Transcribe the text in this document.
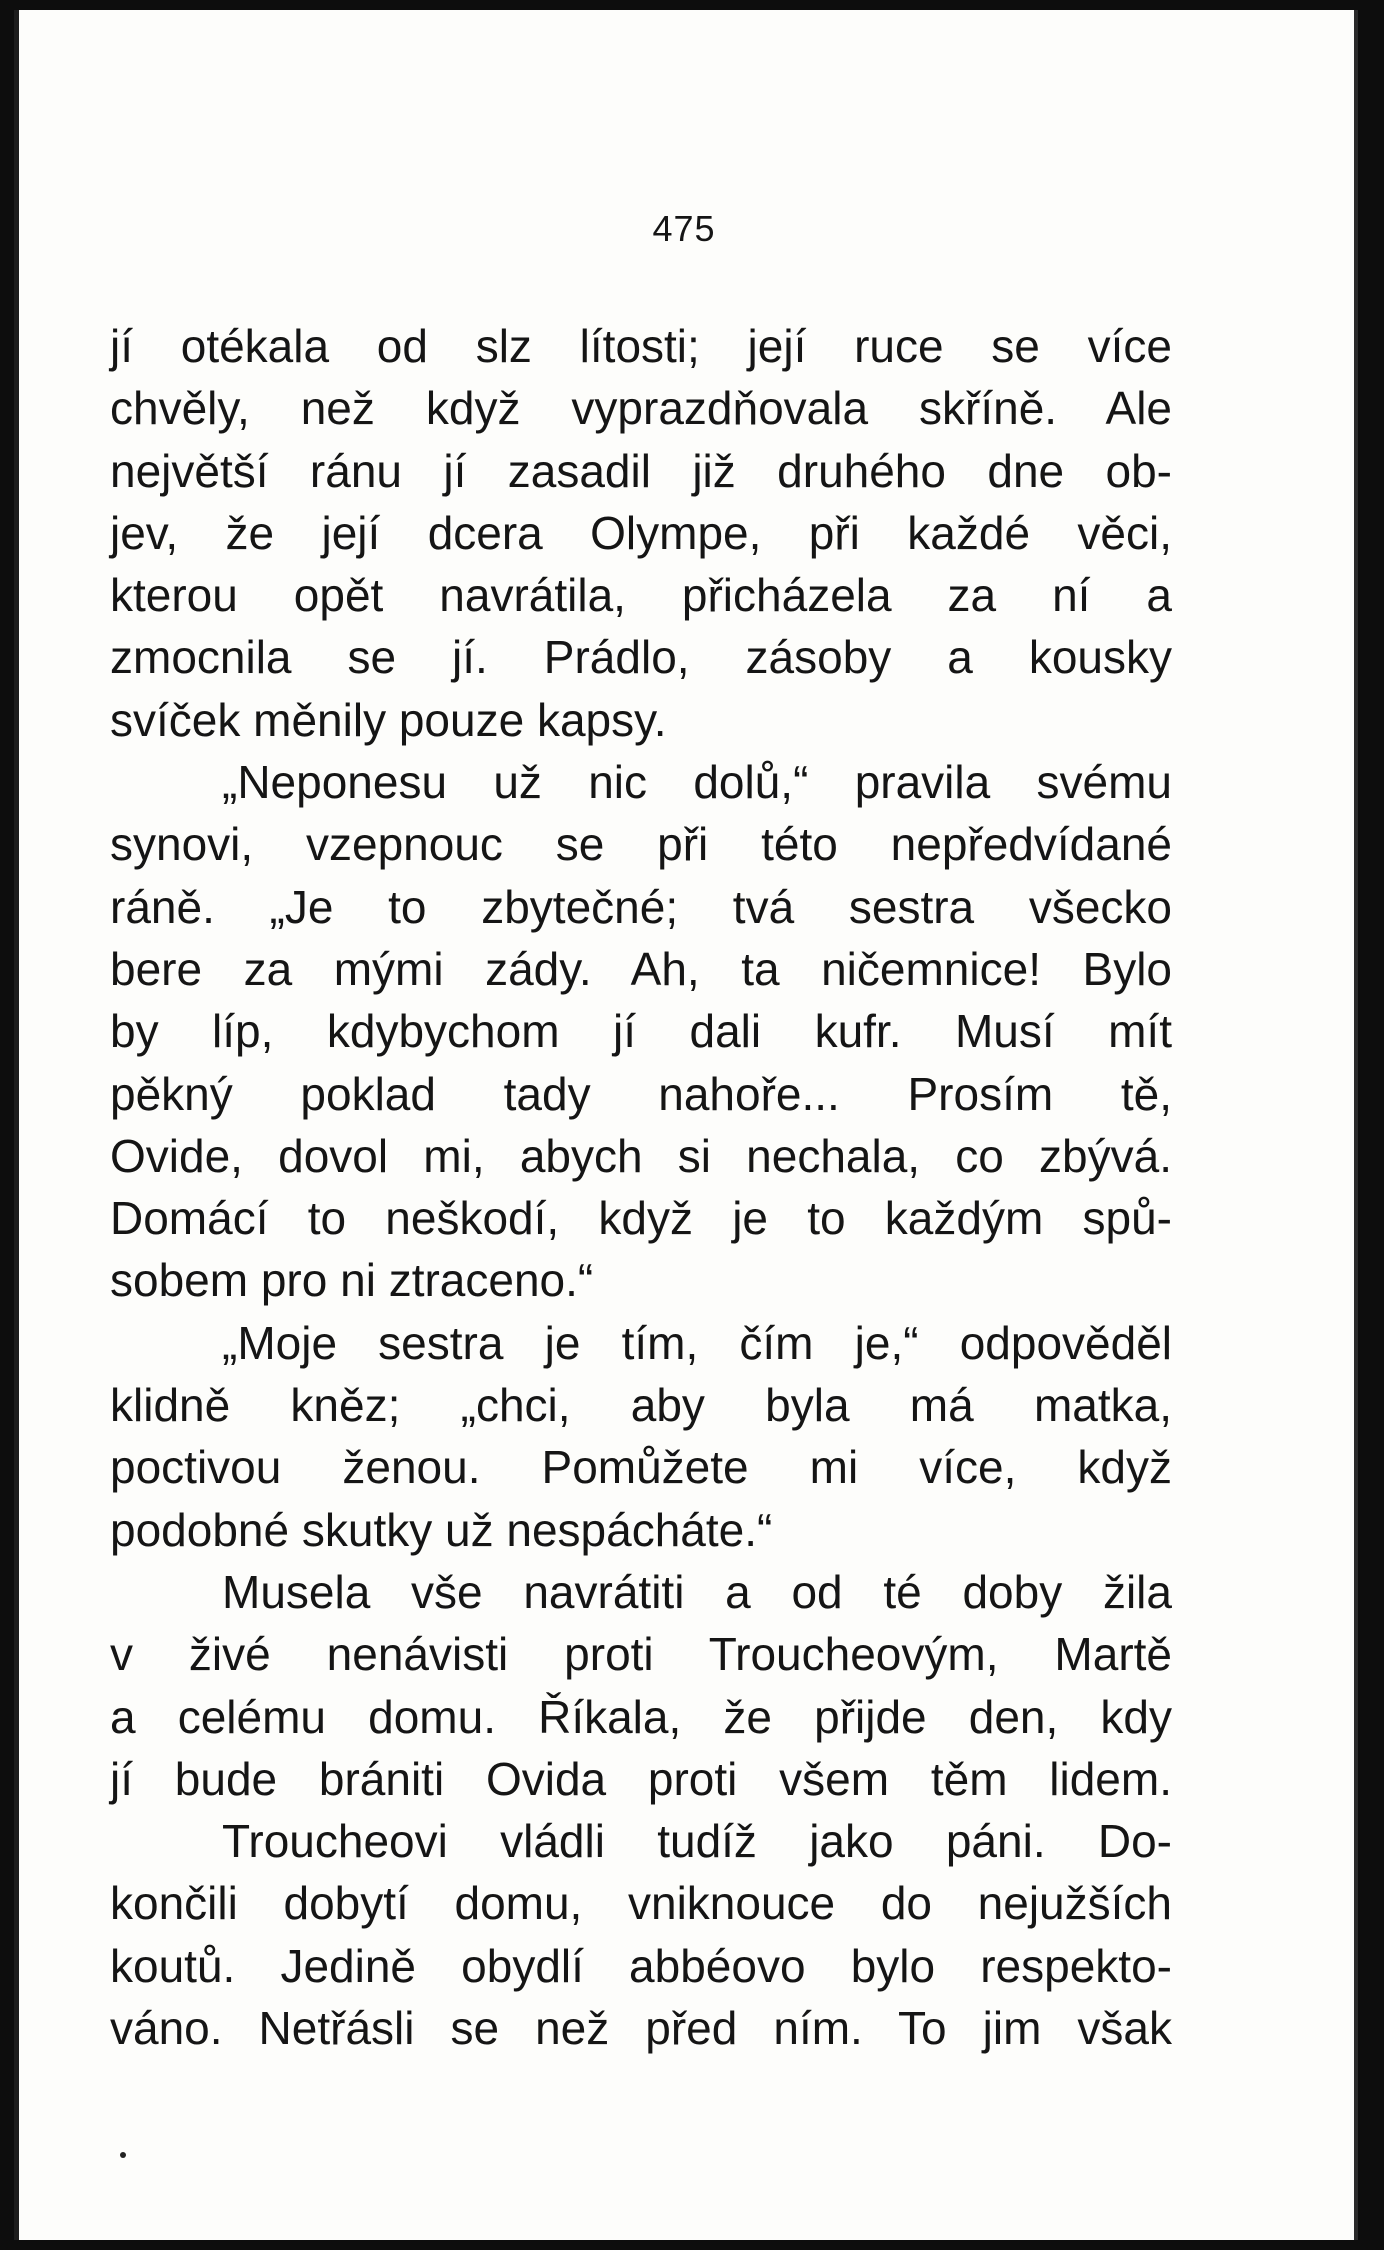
475
jí otékala od slz lítosti; její ruce se více
chvěly, než když vyprazdňovala skříně. Ale
největší ránu jí zasadil již druhého dne ob-
jev, že její dcera Olympe, při každé věci,
kterou opět navrátila, přicházela za ní a
zmocnila se jí. Prádlo, zásoby a kousky
svíček měnily pouze kapsy.
„Neponesu už nic dolů,“ pravila svému
synovi, vzepnouc se při této nepředvídané
ráně. „Je to zbytečné; tvá sestra všecko
bere za mými zády. Ah, ta ničemnice! Bylo
by líp, kdybychom jí dali kufr. Musí mít
pěkný poklad tady nahoře... Prosím tě,
Ovide, dovol mi, abych si nechala, co zbývá.
Domácí to neškodí, když je to každým spů-
sobem pro ni ztraceno.“
„Moje sestra je tím, čím je,“ odpověděl
klidně kněz; „chci, aby byla má matka,
poctivou ženou. Pomůžete mi více, když
podobné skutky už nespácháte.“
Musela vše navrátiti a od té doby žila
v živé nenávisti proti Troucheovým, Martě
a celému domu. Říkala, že přijde den, kdy
jí bude brániti Ovida proti všem těm lidem.
Troucheovi vládli tudíž jako páni. Do-
končili dobytí domu, vniknouce do nejužších
koutů. Jedině obydlí abbéovo bylo respekto-
váno. Netřásli se než před ním. To jim však
